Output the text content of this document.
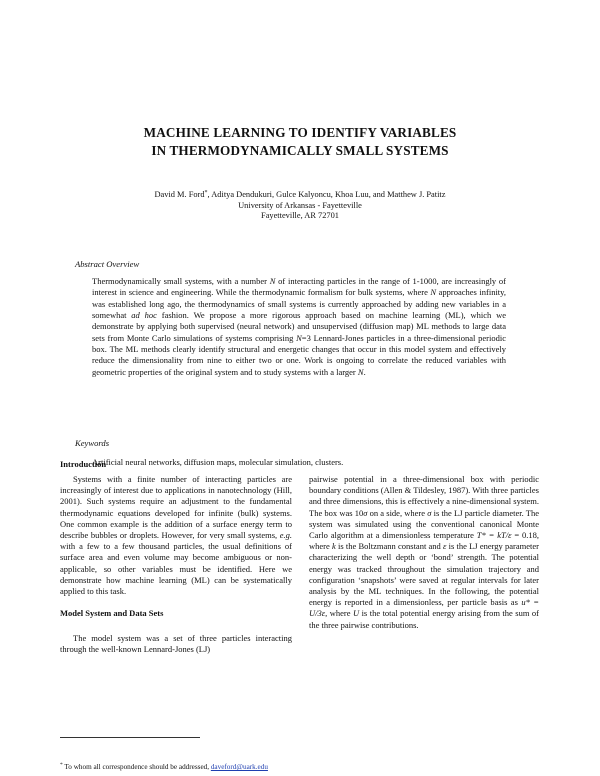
MACHINE LEARNING TO IDENTIFY VARIABLES
IN THERMODYNAMICALLY SMALL SYSTEMS
David M. Ford*, Aditya Dendukuri, Gulce Kalyoncu, Khoa Luu, and Matthew J. Patitz
University of Arkansas - Fayetteville
Fayetteville, AR 72701
Abstract Overview
Thermodynamically small systems, with a number N of interacting particles in the range of 1-1000, are increasingly of interest in science and engineering. While the thermodynamic formalism for bulk systems, where N approaches infinity, was established long ago, the thermodynamics of small systems is currently approached by adding new variables in a somewhat ad hoc fashion. We propose a more rigorous approach based on machine learning (ML), which we demonstrate by applying both supervised (neural network) and unsupervised (diffusion map) ML methods to large data sets from Monte Carlo simulations of systems comprising N=3 Lennard-Jones particles in a three-dimensional periodic box. The ML methods clearly identify structural and energetic changes that occur in this model system and effectively reduce the dimensionality from nine to either two or one. Work is ongoing to correlate the reduced variables with geometric properties of the original system and to study systems with a larger N.
Keywords
Artificial neural networks, diffusion maps, molecular simulation, clusters.
Introduction

Systems with a finite number of interacting particles are increasingly of interest due to applications in nanotechnology (Hill, 2001). Such systems require an adjustment to the fundamental thermodynamic equations developed for infinite (bulk) systems. One common example is the addition of a surface energy term to describe bubbles or droplets. However, for very small systems, e.g. with a few to a few thousand particles, the usual definitions of surface area and even volume may become ambiguous or non-applicable, so other variables must be identified. Here we demonstrate how machine learning (ML) can be systematically applied to this task.

Model System and Data Sets

The model system was a set of three particles interacting through the well-known Lennard-Jones (LJ)

pairwise potential in a three-dimensional box with periodic boundary conditions (Allen & Tildesley, 1987). With three particles and three dimensions, this is effectively a nine-dimensional system. The box was 10σ on a side, where σ is the LJ particle diameter. The system was simulated using the conventional canonical Monte Carlo algorithm at a dimensionless temperature T* = kT/ε = 0.18, where k is the Boltzmann constant and ε is the LJ energy parameter characterizing the well depth or ‘bond’ strength. The potential energy was tracked throughout the simulation trajectory and configuration ‘snapshots’ were saved at regular intervals for later analysis by the ML techniques. In the following, the potential energy is reported in a dimensionless, per particle basis as u* = U/3ε, where U is the total potential energy arising from the sum of the three pairwise contributions.

* To whom all correspondence should be addressed, daveford@uark.edu
